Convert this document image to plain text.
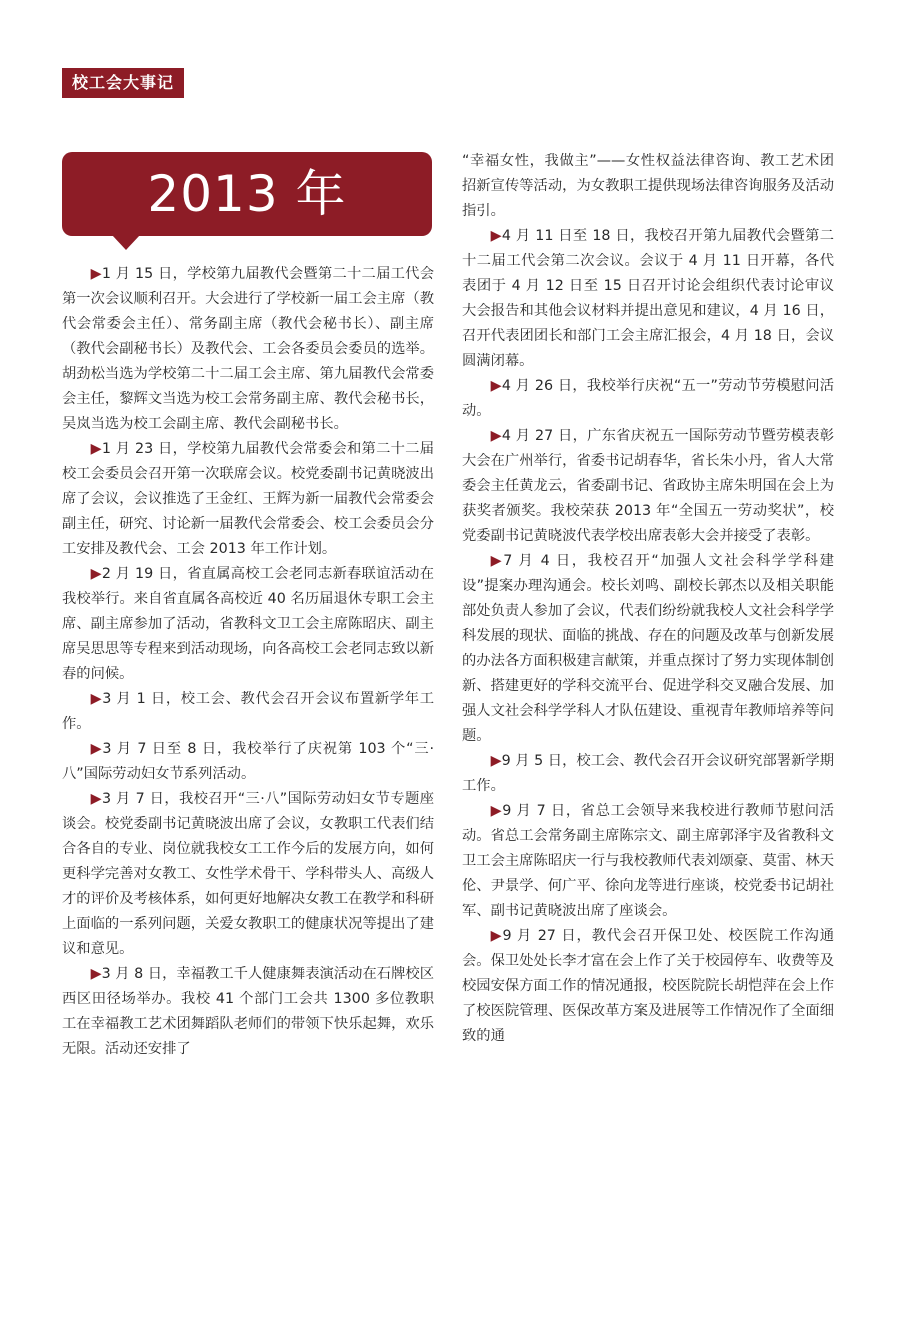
校工会大事记
2013 年

▶1 月 15 日，学校第九届教代会暨第二十二届工代会第一次会议顺利召开。大会进行了学校新一届工会主席（教代会常委会主任）、常务副主席（教代会秘书长）、副主席（教代会副秘书长）及教代会、工会各委员会委员的选举。胡劲松当选为学校第二十二届工会主席、第九届教代会常委会主任，黎辉文当选为校工会常务副主席、教代会秘书长，吴岚当选为校工会副主席、教代会副秘书长。

▶1 月 23 日，学校第九届教代会常委会和第二十二届校工会委员会召开第一次联席会议。校党委副书记黄晓波出席了会议，会议推选了王金红、王辉为新一届教代会常委会副主任，研究、讨论新一届教代会常委会、校工会委员会分工安排及教代会、工会 2013 年工作计划。

▶2 月 19 日，省直属高校工会老同志新春联谊活动在我校举行。来自省直属各高校近 40 名历届退休专职工会主席、副主席参加了活动，省教科文卫工会主席陈昭庆、副主席吴思思等专程来到活动现场，向各高校工会老同志致以新春的问候。

▶3 月 1 日，校工会、教代会召开会议布置新学年工作。

▶3 月 7 日至 8 日，我校举行了庆祝第 103 个“三·八”国际劳动妇女节系列活动。

▶3 月 7 日，我校召开“三·八”国际劳动妇女节专题座谈会。校党委副书记黄晓波出席了会议，女教职工代表们结合各自的专业、岗位就我校女工工作今后的发展方向，如何更科学完善对女教工、女性学术骨干、学科带头人、高级人才的评价及考核体系，如何更好地解决女教工在教学和科研上面临的一系列问题，关爱女教职工的健康状况等提出了建议和意见。

▶3 月 8 日，幸福教工千人健康舞表演活动在石牌校区西区田径场举办。我校 41 个部门工会共 1300 多位教职工在幸福教工艺术团舞蹈队老师们的带领下快乐起舞，欢乐无限。活动还安排了

“幸福女性，我做主”——女性权益法律咨询、教工艺术团招新宣传等活动，为女教职工提供现场法律咨询服务及活动指引。

▶4 月 11 日至 18 日，我校召开第九届教代会暨第二十二届工代会第二次会议。会议于 4 月 11 日开幕，各代表团于 4 月 12 日至 15 日召开讨论会组织代表讨论审议大会报告和其他会议材料并提出意见和建议，4 月 16 日，召开代表团团长和部门工会主席汇报会，4 月 18 日，会议圆满闭幕。

▶4 月 26 日，我校举行庆祝“五一”劳动节劳模慰问活动。

▶4 月 27 日，广东省庆祝五一国际劳动节暨劳模表彰大会在广州举行，省委书记胡春华，省长朱小丹，省人大常委会主任黄龙云，省委副书记、省政协主席朱明国在会上为获奖者颁奖。我校荣获 2013 年“全国五一劳动奖状”，校党委副书记黄晓波代表学校出席表彰大会并接受了表彰。

▶7 月 4 日，我校召开“加强人文社会科学学科建设”提案办理沟通会。校长刘鸣、副校长郭杰以及相关职能部处负责人参加了会议，代表们纷纷就我校人文社会科学学科发展的现状、面临的挑战、存在的问题及改革与创新发展的办法各方面积极建言献策，并重点探讨了努力实现体制创新、搭建更好的学科交流平台、促进学科交叉融合发展、加强人文社会科学学科人才队伍建设、重视青年教师培养等问题。

▶9 月 5 日，校工会、教代会召开会议研究部署新学期工作。

▶9 月 7 日，省总工会领导来我校进行教师节慰问活动。省总工会常务副主席陈宗文、副主席郭泽宇及省教科文卫工会主席陈昭庆一行与我校教师代表刘颂豪、莫雷、林天伦、尹景学、何广平、徐向龙等进行座谈，校党委书记胡社军、副书记黄晓波出席了座谈会。

▶9 月 27 日，教代会召开保卫处、校医院工作沟通会。保卫处处长李才富在会上作了关于校园停车、收费等及校园安保方面工作的情况通报，校医院院长胡恺萍在会上作了校医院管理、医保改革方案及进展等工作情况作了全面细致的通
